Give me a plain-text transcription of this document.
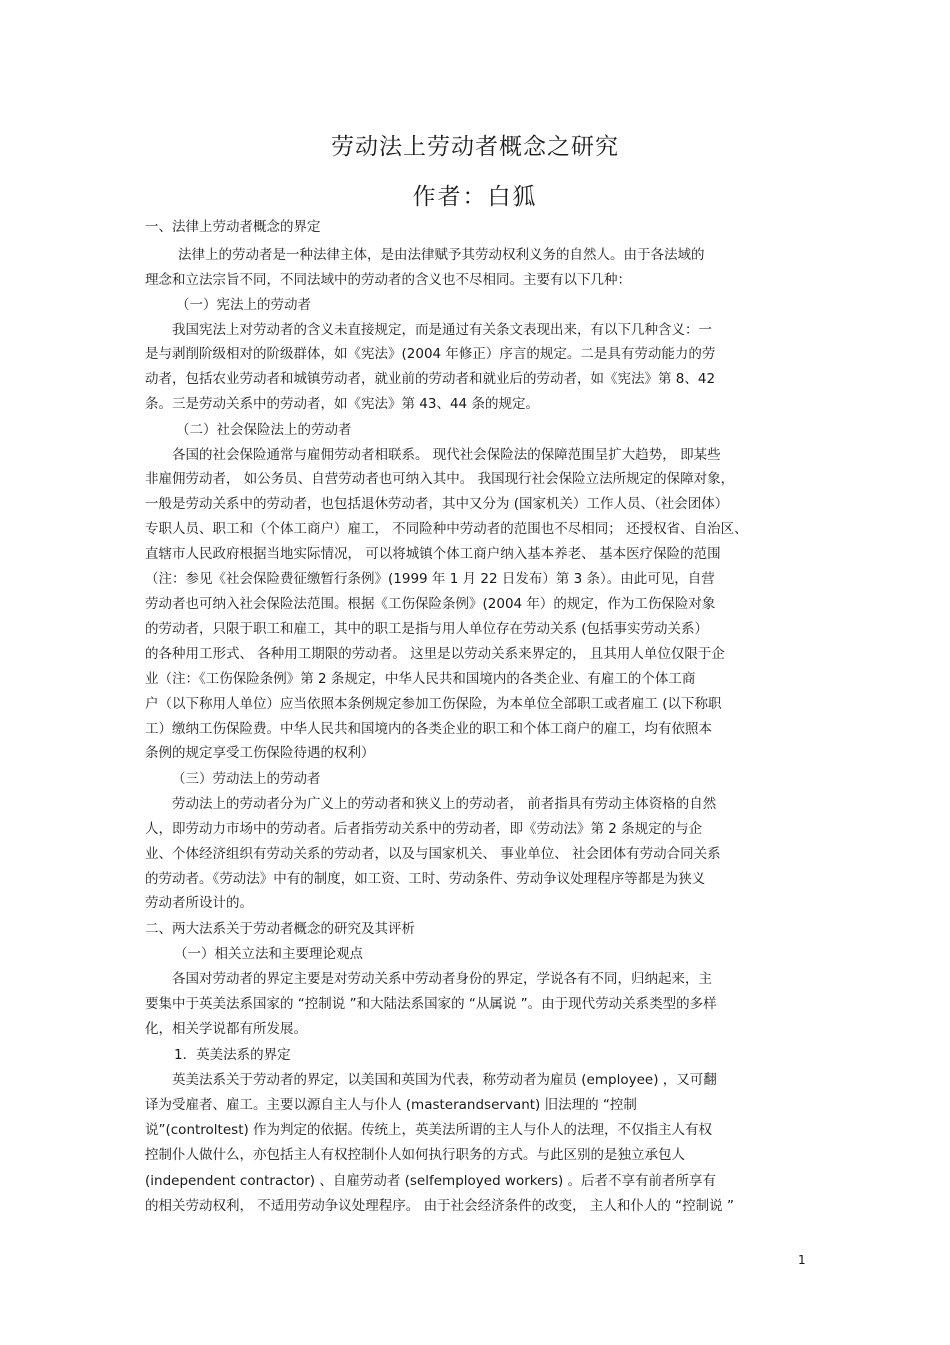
劳动法上劳动者概念之研究
作者：白狐
一、法律上劳动者概念的界定
法律上的劳动者是一种法律主体，是由法律赋予其劳动权利义务的自然人。由于各法域的
理念和立法宗旨不同，不同法域中的劳动者的含义也不尽相同。主要有以下几种：
（一）宪法上的劳动者
我国宪法上对劳动者的含义未直接规定，而是通过有关条文表现出来，有以下几种含义：一
是与剥削阶级相对的阶级群体，如《宪法》(2004 年修正）序言的规定。二是具有劳动能力的劳
动者，包括农业劳动者和城镇劳动者，就业前的劳动者和就业后的劳动者，如《宪法》第 8、42
条。三是劳动关系中的劳动者，如《宪法》第 43、44 条的规定。
（二）社会保险法上的劳动者
各国的社会保险通常与雇佣劳动者相联系。 现代社会保险法的保障范围呈扩大趋势， 即某些
非雇佣劳动者， 如公务员、自营劳动者也可纳入其中。 我国现行社会保险立法所规定的保障对象，
一般是劳动关系中的劳动者，也包括退休劳动者，其中又分为 (国家机关）工作人员、（社会团体）
专职人员、职工和（个体工商户）雇工， 不同险种中劳动者的范围也不尽相同； 还授权省、自治区、
直辖市人民政府根据当地实际情况， 可以将城镇个体工商户纳入基本养老、 基本医疗保险的范围
（注：参见《社会保险费征缴暂行条例》(1999 年 1 月 22 日发布）第 3 条）。由此可见，自营
劳动者也可纳入社会保险法范围。根据《工伤保险条例》(2004 年）的规定，作为工伤保险对象
的劳动者，只限于职工和雇工，其中的职工是指与用人单位存在劳动关系 (包括事实劳动关系）
的各种用工形式、 各种用工期限的劳动者。 这里是以劳动关系来界定的， 且其用人单位仅限于企
业（注：《工伤保险条例》第 2 条规定，中华人民共和国境内的各类企业、有雇工的个体工商
户（以下称用人单位）应当依照本条例规定参加工伤保险，为本单位全部职工或者雇工 (以下称职
工）缴纳工伤保险费。中华人民共和国境内的各类企业的职工和个体工商户的雇工，均有依照本
条例的规定享受工伤保险待遇的权利）
（三）劳动法上的劳动者
劳动法上的劳动者分为广义上的劳动者和狭义上的劳动者， 前者指具有劳动主体资格的自然
人，即劳动力市场中的劳动者。后者指劳动关系中的劳动者，即《劳动法》第 2 条规定的与企
业、个体经济组织有劳动关系的劳动者，以及与国家机关、 事业单位、 社会团体有劳动合同关系
的劳动者。《劳动法》中有的制度，如工资、工时、劳动条件、劳动争议处理程序等都是为狭义
劳动者所设计的。
二、两大法系关于劳动者概念的研究及其评析
（一）相关立法和主要理论观点
各国对劳动者的界定主要是对劳动关系中劳动者身份的界定，学说各有不同，归纳起来，主
要集中于英美法系国家的 “控制说 ”和大陆法系国家的 “从属说 ”。由于现代劳动关系类型的多样
化，相关学说都有所发展。
1．英美法系的界定
英美法系关于劳动者的界定，以美国和英国为代表，称劳动者为雇员 (employee) ，又可翻
译为受雇者、雇工。主要以源自主人与仆人 (masterandservant) 旧法理的 “控制
说”(controltest) 作为判定的依据。传统上，英美法所谓的主人与仆人的法理，不仅指主人有权
控制仆人做什么，亦包括主人有权控制仆人如何执行职务的方式。与此区别的是独立承包人
(independent contractor) 、自雇劳动者 (selfemployed workers) 。后者不享有前者所享有
的相关劳动权利， 不适用劳动争议处理程序。 由于社会经济条件的改变， 主人和仆人的 “控制说 ”
1
